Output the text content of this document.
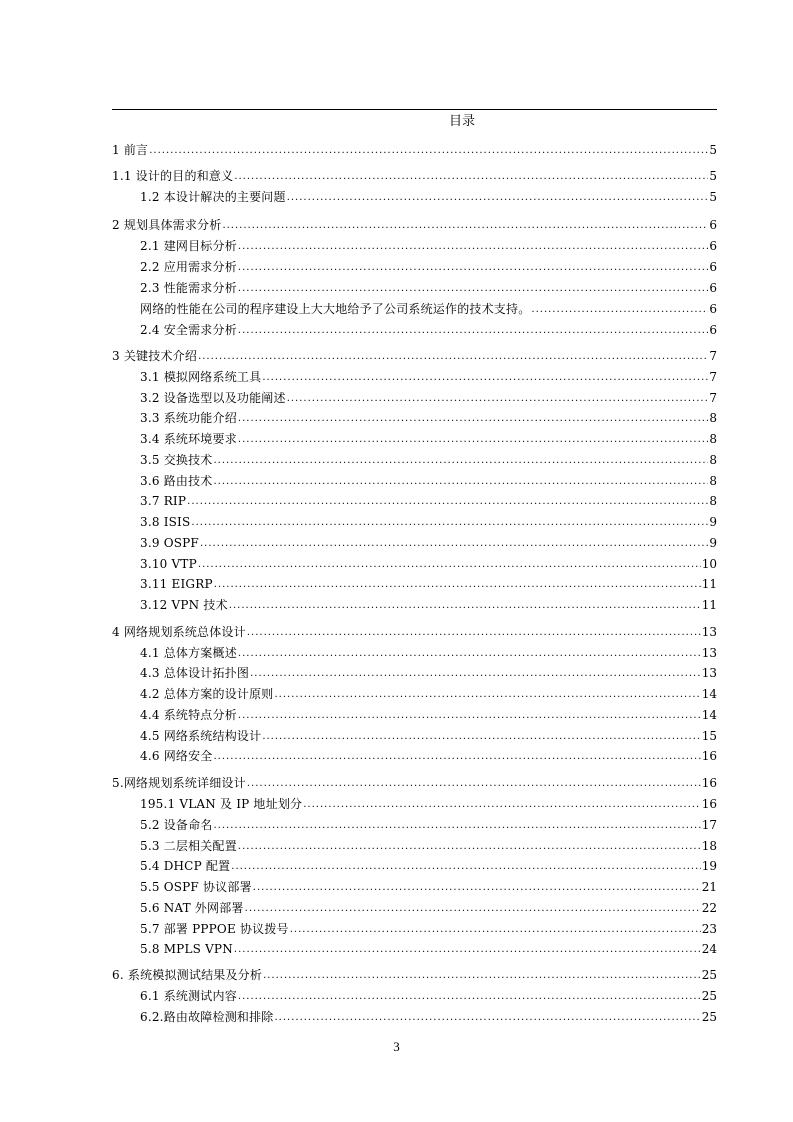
目录
1 前言 .....	5
1.1 设计的目的和意义 .....	5
1.2 本设计解决的主要问题 .....	5
2 规划具体需求分析 .....	6
2.1 建网目标分析 .....	6
2.2 应用需求分析 .....	6
2.3 性能需求分析 .....	6
网络的性能在公司的程序建设上大大地给予了公司系统运作的技术支持。 .....	6
2.4 安全需求分析 .....	6
3 关键技术介绍 .....	7
3.1 模拟网络系统工具 .....	7
3.2 设备选型以及功能阐述 .....	7
3.3 系统功能介绍 .....	8
3.4 系统环境要求 .....	8
3.5 交换技术 .....	8
3.6 路由技术 .....	8
3.7 RIP .....	8
3.8 ISIS .....	9
3.9 OSPF .....	9
3.10 VTP .....	10
3.11 EIGRP .....	11
3.12 VPN 技术 .....	11
4 网络规划系统总体设计 .....	13
4.1 总体方案概述 .....	13
4.3 总体设计拓扑图 .....	13
4.2 总体方案的设计原则 .....	14
4.4 系统特点分析 .....	14
4.5 网络系统结构设计 .....	15
4.6 网络安全 .....	16
5.网络规划系统详细设计 .....	16
195.1 VLAN 及 IP 地址划分 .....	16
5.2 设备命名 .....	17
5.3 二层相关配置 .....	18
5.4 DHCP 配置 .....	19
5.5 OSPF 协议部署 .....	21
5.6 NAT 外网部署 .....	22
5.7 部署 PPPOE 协议拨号 .....	23
5.8 MPLS VPN .....	24
6. 系统模拟测试结果及分析 .....	25
6.1 系统测试内容 .....	25
6.2.路由故障检测和排除 .....	25
3
